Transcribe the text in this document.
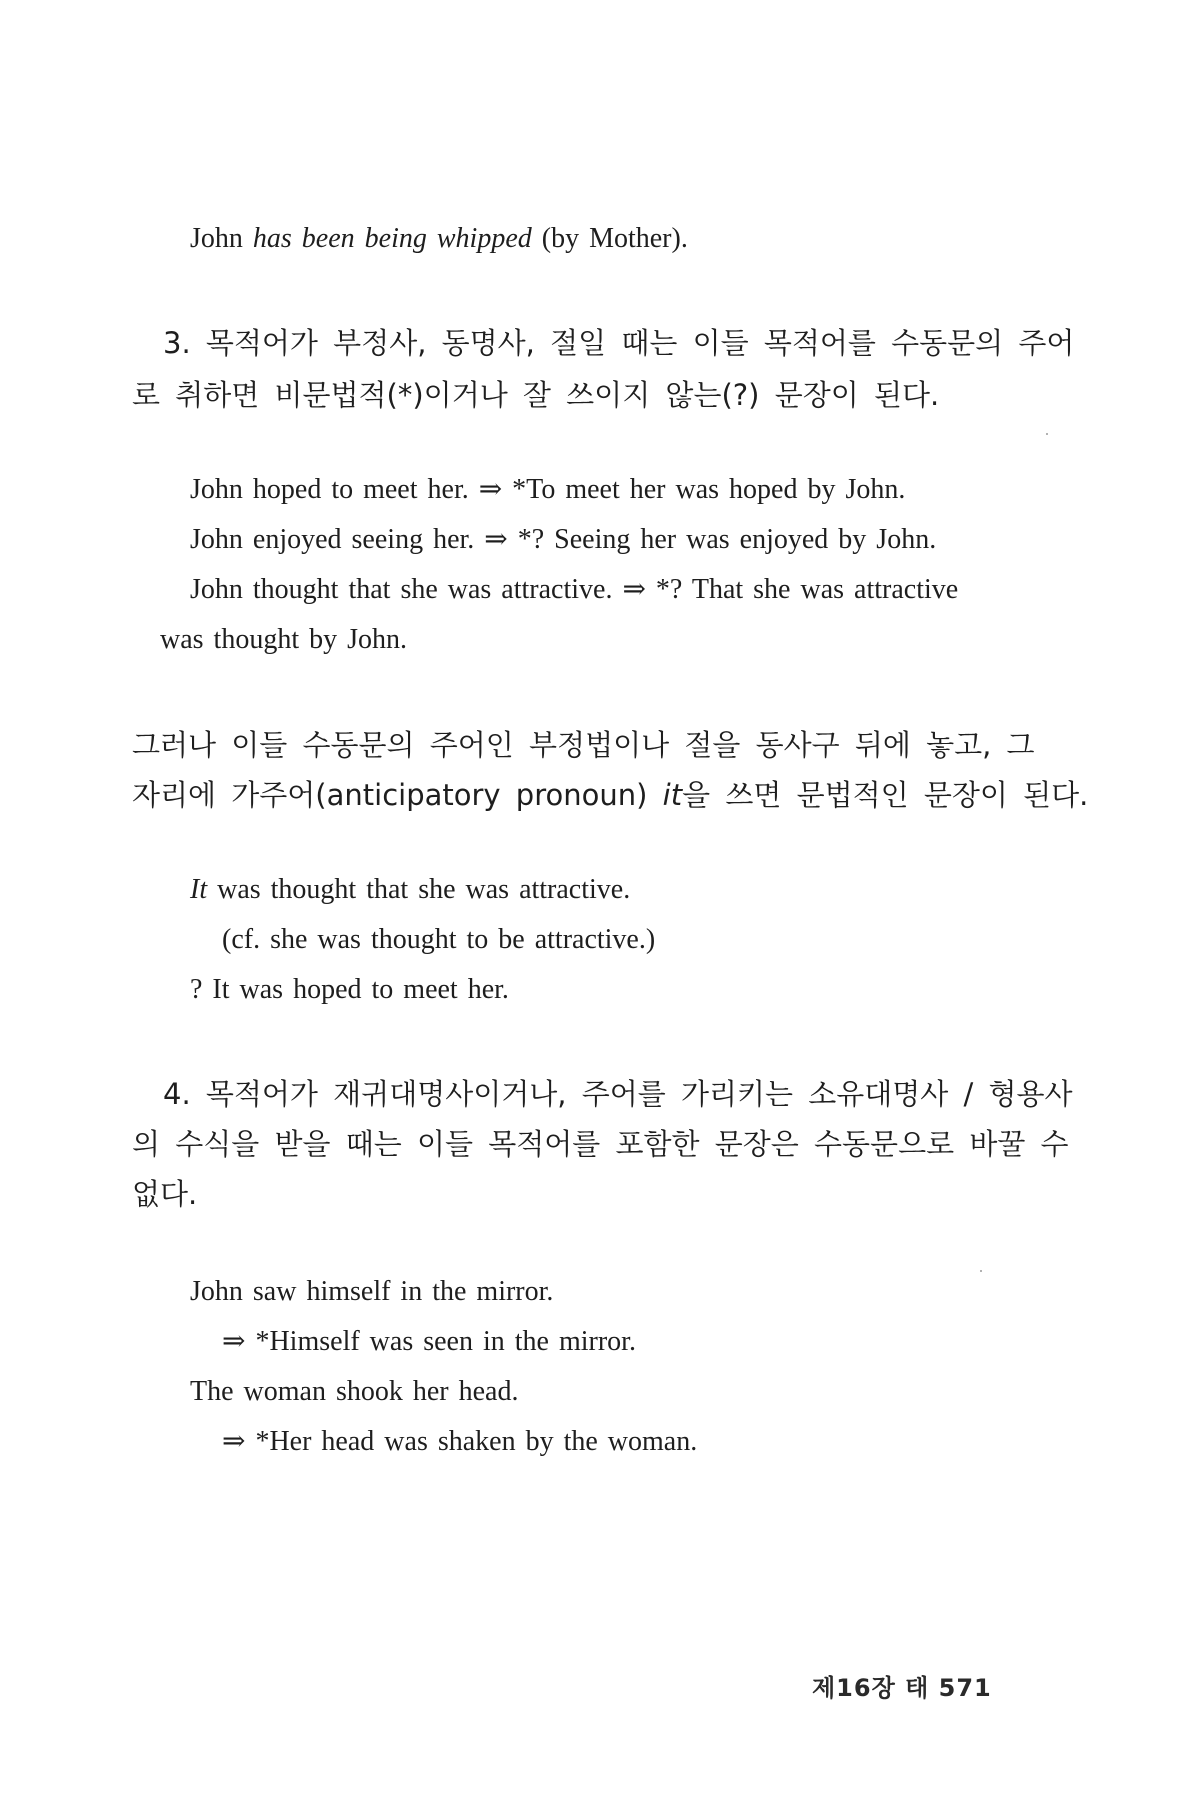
John has been being whipped (by Mother).
3. 목적어가 부정사, 동명사, 절일 때는 이들 목적어를 수동문의 주어
로 취하면 비문법적(*)이거나 잘 쓰이지 않는(?) 문장이 된다.
John hoped to meet her. ⇒ *To meet her was hoped by John.
John enjoyed seeing her. ⇒ *? Seeing her was enjoyed by John.
John thought that she was attractive. ⇒ *? That she was attractive
was thought by John.
그러나 이들 수동문의 주어인 부정법이나 절을 동사구 뒤에 놓고, 그
자리에 가주어(anticipatory pronoun) it을 쓰면 문법적인 문장이 된다.
It was thought that she was attractive.
(cf. she was thought to be attractive.)
? It was hoped to meet her.
4. 목적어가 재귀대명사이거나, 주어를 가리키는 소유대명사 / 형용사
의 수식을 받을 때는 이들 목적어를 포함한 문장은 수동문으로 바꿀 수
없다.
John saw himself in the mirror.
⇒ *Himself was seen in the mirror.
The woman shook her head.
⇒ *Her head was shaken by the woman.
제16장 태 571
